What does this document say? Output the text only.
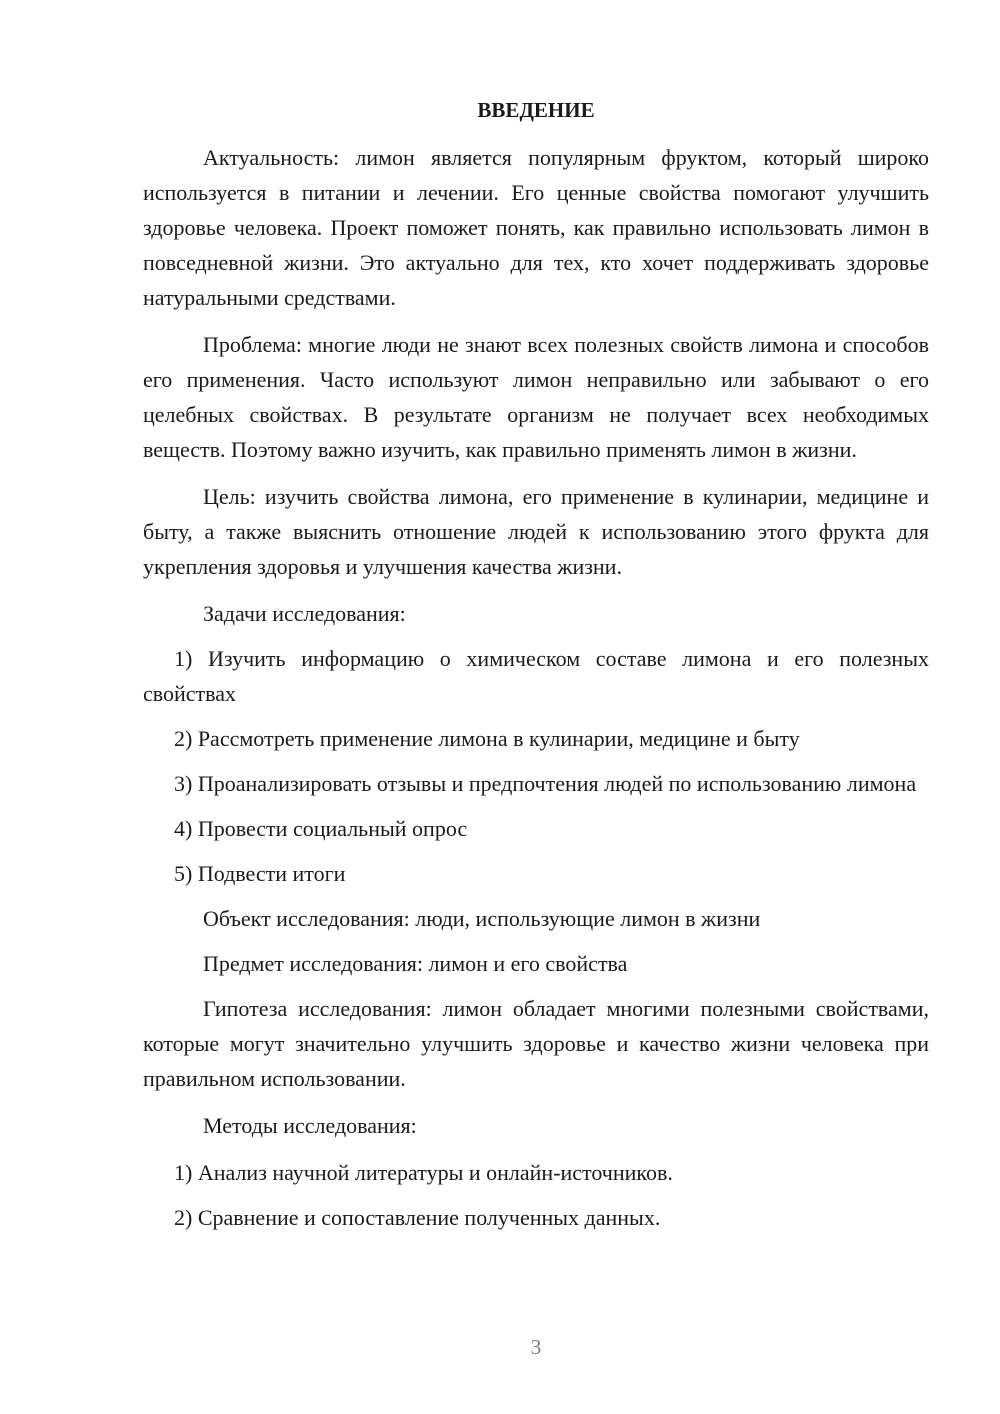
ВВЕДЕНИЕ

Актуальность: лимон является популярным фруктом, который широко используется в питании и лечении. Его ценные свойства помогают улучшить здоровье человека. Проект поможет понять, как правильно использовать лимон в повседневной жизни. Это актуально для тех, кто хочет поддерживать здоровье натуральными средствами.

Проблема: многие люди не знают всех полезных свойств лимона и способов его применения. Часто используют лимон неправильно или забывают о его целебных свойствах. В результате организм не получает всех необходимых веществ. Поэтому важно изучить, как правильно применять лимон в жизни.

Цель: изучить свойства лимона, его применение в кулинарии, медицине и быту, а также выяснить отношение людей к использованию этого фрукта для укрепления здоровья и улучшения качества жизни.

Задачи исследования:

1) Изучить информацию о химическом составе лимона и его полезных свойствах

2) Рассмотреть применение лимона в кулинарии, медицине и быту

3) Проанализировать отзывы и предпочтения людей по использованию лимона

4) Провести социальный опрос

5) Подвести итоги

Объект исследования: люди, использующие лимон в жизни

Предмет исследования: лимон и его свойства

Гипотеза исследования: лимон обладает многими полезными свойствами, которые могут значительно улучшить здоровье и качество жизни человека при правильном использовании.

Методы исследования:

1) Анализ научной литературы и онлайн-источников.

2) Сравнение и сопоставление полученных данных.

3
